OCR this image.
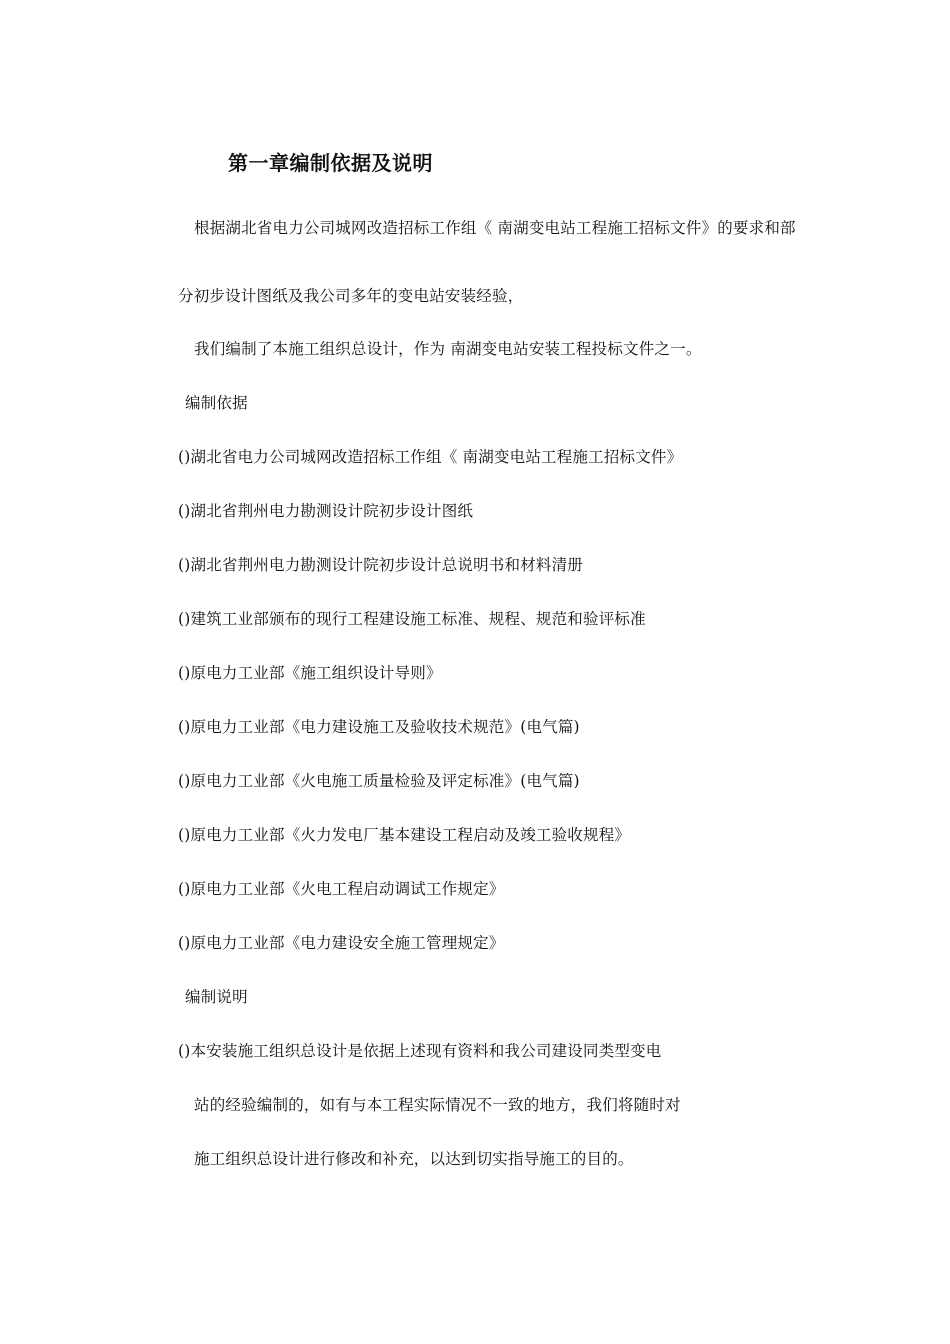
第一章编制依据及说明
根据湖北省电力公司城网改造招标工作组《 南湖变电站工程施工招标文件》的要求和部
分初步设计图纸及我公司多年的变电站安装经验，
我们编制了本施工组织总设计，作为 南湖变电站安装工程投标文件之一。
编制依据
()湖北省电力公司城网改造招标工作组《 南湖变电站工程施工招标文件》
()湖北省荆州电力勘测设计院初步设计图纸
()湖北省荆州电力勘测设计院初步设计总说明书和材料清册
()建筑工业部颁布的现行工程建设施工标准、规程、规范和验评标准
()原电力工业部《施工组织设计导则》
()原电力工业部《电力建设施工及验收技术规范》(电气篇)
()原电力工业部《火电施工质量检验及评定标准》(电气篇)
()原电力工业部《火力发电厂基本建设工程启动及竣工验收规程》
()原电力工业部《火电工程启动调试工作规定》
()原电力工业部《电力建设安全施工管理规定》
编制说明
()本安装施工组织总设计是依据上述现有资料和我公司建设同类型变电
站的经验编制的，如有与本工程实际情况不一致的地方，我们将随时对
施工组织总设计进行修改和补充，以达到切实指导施工的目的。
